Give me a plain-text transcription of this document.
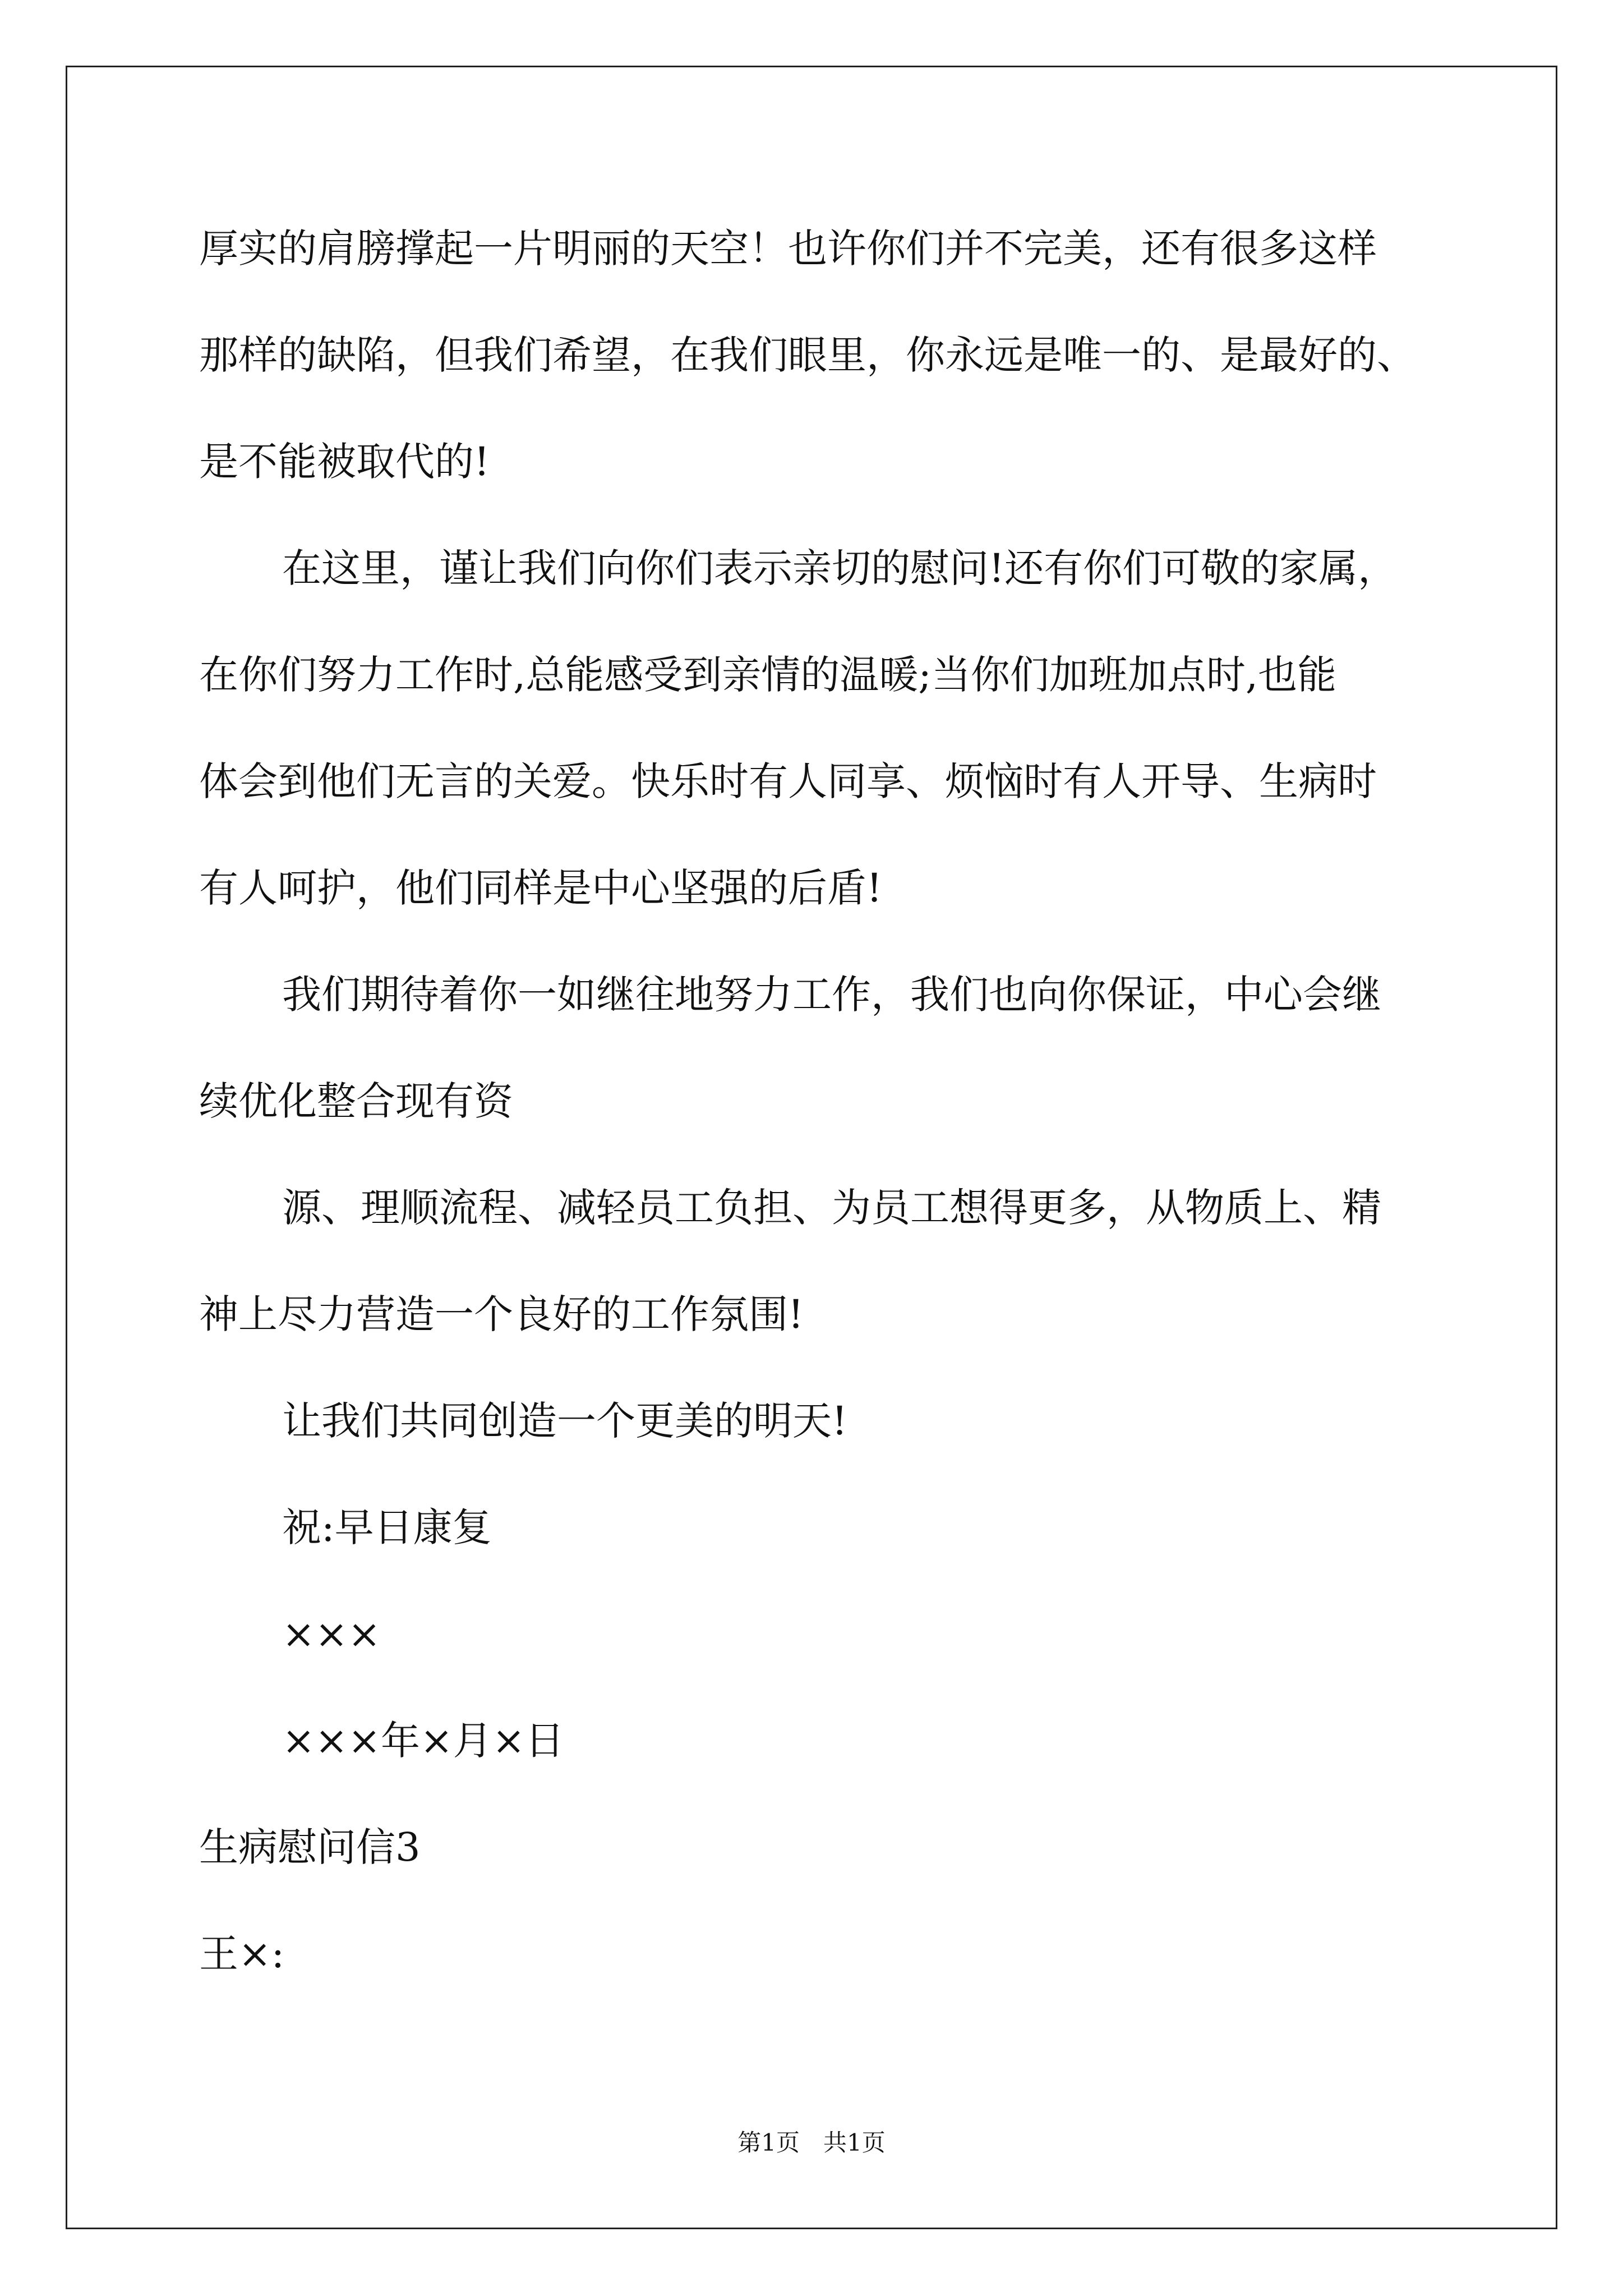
厚实的肩膀撑起一片明丽的天空！也许你们并不完美，还有很多这样
那样的缺陷，但我们希望，在我们眼里，你永远是唯一的、是最好的、
是不能被取代的!
在这里，谨让我们向你们表示亲切的慰问!还有你们可敬的家属，
在你们努力工作时,总能感受到亲情的温暖;当你们加班加点时,也能
体会到他们无言的关爱。快乐时有人同享、烦恼时有人开导、生病时
有人呵护，他们同样是中心坚强的后盾!
我们期待着你一如继往地努力工作，我们也向你保证，中心会继
续优化整合现有资
源、理顺流程、减轻员工负担、为员工想得更多，从物质上、精
神上尽力营造一个良好的工作氛围!
让我们共同创造一个更美的明天!
祝:早日康复
×××
×××年×月×日
生病慰问信3
王×:
第1页　共1页
